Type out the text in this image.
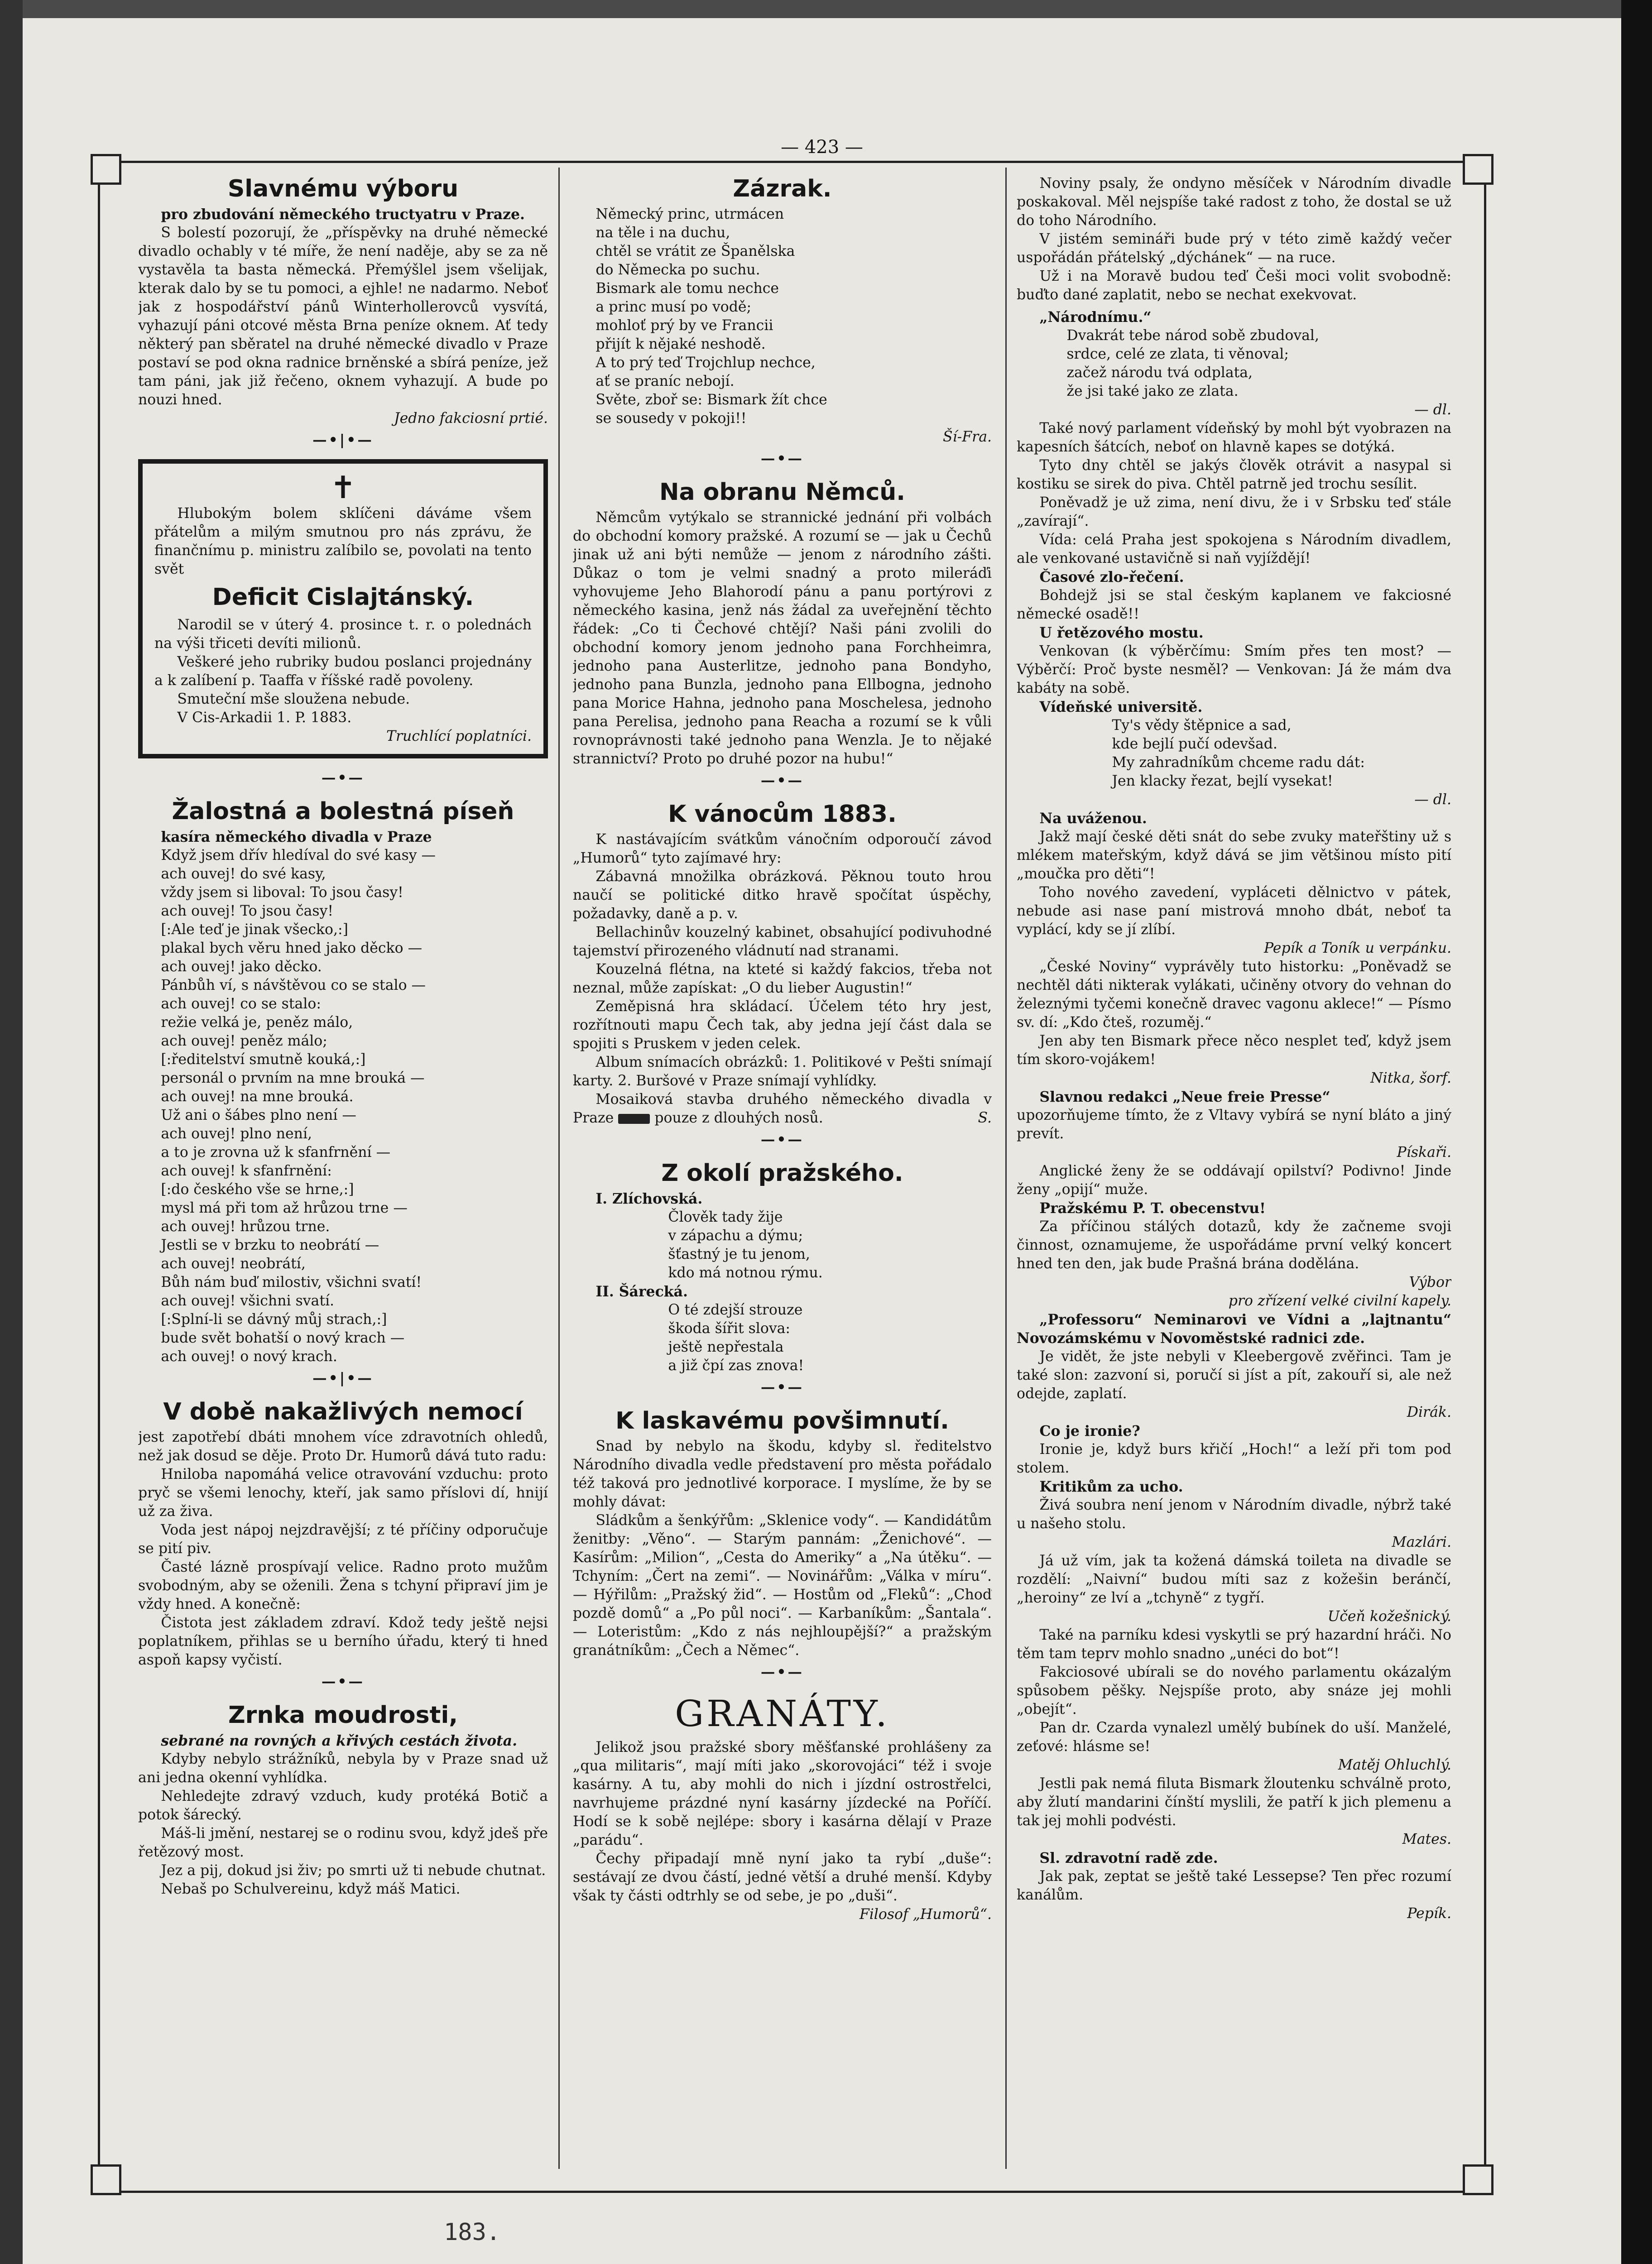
— 423 —
Slavnému výboru

pro zbudování německého tructyatru v Praze.

S bolestí pozorují, že „příspěvky na druhé německé divadlo ochably v té míře, že není naděje, aby se za ně vystavěla ta basta německá. Přemýšlel jsem všelijak, kterak dalo by se tu pomoci, a ejhle! ne nadarmo. Neboť jak z hospodářství pánů Winterhollerovců vysvítá, vyhazují páni otcové města Brna peníze oknem. Ať tedy některý pan sběratel na druhé německé divadlo v Praze postaví se pod okna radnice brněnské a sbírá peníze, jež tam páni, jak již řečeno, oknem vyhazují. A bude po nouzi hned.

Jedno fakciosní prtié.

—•|•—
✝

Hlubokým bolem sklíčeni dáváme všem přátelům a milým smutnou pro nás zprávu, že finančnímu p. ministru zalíbilo se, povolati na tento svět

Deficit Cislajtánský.

Narodil se v úterý 4. prosince t. r. o polednách na výši třiceti devíti milionů.

Veškeré jeho rubriky budou poslanci projednány a k zalíbení p. Taaffa v říšské radě povoleny.

Smuteční mše sloužena nebude.

V Cis-Arkadii 1. P. 1883.

Truchlící poplatníci.

—•—
Žalostná a bolestná píseň

kasíra německého divadla v Praze

Když jsem dřív hledíval do své kasy —

ach ouvej! do své kasy,

vždy jsem si liboval: To jsou časy!

ach ouvej! To jsou časy!

[:Ale teď je jinak všecko,:]

plakal bych věru hned jako děcko —

ach ouvej! jako děcko.

Pánbůh ví, s návštěvou co se stalo —

ach ouvej! co se stalo:

režie velká je, peněz málo,

ach ouvej! peněz málo;

[:ředitelství smutně kouká,:]

personál o prvním na mne brouká —

ach ouvej! na mne brouká.

Už ani o šábes plno není —

ach ouvej! plno není,

a to je zrovna už k sfanfrnění —

ach ouvej! k sfanfrnění:

[:do českého vše se hrne,:]

mysl má při tom až hrůzou trne —

ach ouvej! hrůzou trne.

Jestli se v brzku to neobrátí —

ach ouvej! neobrátí,

Bůh nám buď milostiv, všichni svatí!

ach ouvej! všichni svatí.

[:Splní-li se dávný můj strach,:]

bude svět bohatší o nový krach —

ach ouvej! o nový krach.

—•|•—
V době nakažlivých nemocí

jest zapotřebí dbáti mnohem více zdravotních ohledů, než jak dosud se děje. Proto Dr. Humorů dává tuto radu:

Hniloba napomáhá velice otravování vzduchu: proto pryč se všemi lenochy, kteří, jak samo příslovi dí, hnijí už za živa.

Voda jest nápoj nejzdravější; z té příčiny odporučuje se pití piv.

Časté lázně prospívají velice. Radno proto mužům svobodným, aby se oženili. Žena s tchyní připraví jim je vždy hned. A konečně:

Čistota jest základem zdraví. Kdož tedy ještě nejsi poplatníkem, přihlas se u berního úřadu, který ti hned aspoň kapsy vyčistí.

—•—
Zrnka moudrosti,

sebrané na rovných a křivých cestách života.

Kdyby nebylo strážníků, nebyla by v Praze snad už ani jedna okenní vyhlídka.

Nehledejte zdravý vzduch, kudy protéká Botič a potok šárecký.

Máš-li jmění, nestarej se o rodinu svou, když jdeš pře řetězový most.

Jez a pij, dokud jsi živ; po smrti už ti nebude chutnat.

Nebaš po Schulvereinu, když máš Matici.

Zázrak.

Německý princ, utrmácen

na těle i na duchu,

chtěl se vrátit ze Španělska

do Německa po suchu.

Bismark ale tomu nechce

a princ musí po vodě;

mohloť prý by ve Francii

přijít k nějaké neshodě.

A to prý teď Trojchlup nechce,

ať se praníc nebojí.

Světe, zboř se: Bismark žít chce

se sousedy v pokoji!!

Ší-Fra.

—•—
Na obranu Němců.

Němcům vytýkalo se strannické jednání při volbách do obchodní komory pražské. A rozumí se — jak u Čechů jinak už ani býti nemůže — jenom z národního zášti. Důkaz o tom je velmi snadný a proto mileráďi vyhovujeme Jeho Blahorodí pánu a panu portýrovi z německého kasina, jenž nás žádal za uveřejnění těchto řádek: „Co ti Čechové chtějí? Naši páni zvolili do obchodní komory jenom jednoho pana Forchheimra, jednoho pana Austerlitze, jednoho pana Bondyho, jednoho pana Bunzla, jednoho pana Ellbogna, jednoho pana Morice Hahna, jednoho pana Moschelesa, jednoho pana Perelisa, jednoho pana Reacha a rozumí se k vůli rovnoprávnosti také jednoho pana Wenzla. Je to nějaké strannictví? Proto po druhé pozor na hubu!“

—•—
K vánocům 1883.

K nastávajícím svátkům vánočním odporoučí závod „Humorů“ tyto zajímavé hry:

Zábavná množilka obrázková. Pěknou touto hrou naučí se politické ditko hravě spočítat úspěchy, požadavky, daně a p. v.

Bellachinův kouzelný kabinet, obsahující podivuhodné tajemství přirozeného vládnutí nad stranami.

Kouzelná flétna, na kteté si každý fakcios, třeba not neznal, může zapískat: „O du lieber Augustin!“

Zeměpisná hra skládací. Účelem této hry jest, rozřítnouti mapu Čech tak, aby jedna její část dala se spojiti s Pruskem v jeden celek.

Album snímacích obrázků: 1. Politikové v Pešti snímají karty. 2. Buršové v Praze snímají vyhlídky.

Mosaiková stavba druhého německého divadla v Praze	pouze z dlouhých nosů.	S.

—•—
Z okolí pražského.

I. Zlíchovská.

Člověk tady žije

v zápachu a dýmu;

šťastný je tu jenom,

kdo má notnou rýmu.

II. Šárecká.

O té zdejší strouze

škoda šířit slova:

ještě nepřestala

a již čpí zas znova!

—•—
K laskavému povšimnutí.

Snad by nebylo na škodu, kdyby sl. ředitelstvo Národního divadla vedle představení pro města pořádalo též taková pro jednotlivé korporace. I myslíme, že by se mohly dávat:

Sládkům a šenkýřům: „Sklenice vody“. — Kandidátům ženitby: „Věno“. — Starým pannám: „Ženichové“. — Kasírům: „Milion“, „Cesta do Ameriky“ a „Na útěku“. — Tchyním: „Čert na zemi“. — Novinářům: „Válka v míru“. — Hýřilům: „Pražský žid“. — Hostům od „Fleků“: „Choď pozdě domů“ a „Po půl noci“. — Karbaníkům: „Šantala“. — Loteristům: „Kdo z nás nejhloupější?“ a pražským granátníkům: „Čech a Němec“.

—•—
GRANÁTY.

Jelikož jsou pražské sbory měšťanské prohlášeny za „qua militaris“, mají míti jako „skorovojáci“ též i svoje kasárny. A tu, aby mohli do nich i jízdní ostrostřelci, navrhujeme prázdné nyní kasárny jízdecké na Poříčí. Hodí se k sobě nejlépe: sbory i kasárna dělají v Praze „parádu“.

Čechy připadají mně nyní jako ta rybí „duše“: sestávají ze dvou částí, jedné větší a druhé menší. Kdyby však ty části odtrhly se od sebe, je po „duši“.

Filosof „Humorů“.

Noviny psaly, že ondyno měsíček v Národním divadle poskakoval. Měl nejspíše také radost z toho, že dostal se už do toho Národního.

V jistém semináři bude prý v této zimě každý večer uspořádán přátelský „dýchánek“ — na ruce.

Už i na Moravě budou teď Češi moci volit svobodně: buďto dané zaplatit, nebo se nechat exekvovat.

„Národnímu.“

Dvakrát tebe národ sobě zbudoval,

srdce, celé ze zlata, ti věnoval;

začež národu tvá odplata,

že jsi také jako ze zlata.

— dl.

Také nový parlament vídeňský by mohl být vyobrazen na kapesních šátcích, neboť on hlavně kapes se dotýká.

Tyto dny chtěl se jakýs člověk otrávit a nasypal si kostiku se sirek do piva. Chtěl patrně jed trochu sesílit.

Poněvadž je už zima, není divu, že i v Srbsku teď stále „zavírají“.

Vída: celá Praha jest spokojena s Národním divadlem, ale venkované ustavičně si naň vyjíždějí!

Časové zlo-řečení.

Bohdejž jsi se stal českým kaplanem ve fakciosné německé osadě!!

U řetězového mostu.

Venkovan (k výběrčímu: Smím přes ten most? — Výběrčí: Proč byste nesměl? — Venkovan: Já že mám dva kabáty na sobě.

Vídeňské universitě.

Ty's vědy štěpnice a sad,

kde bejlí pučí odevšad.

My zahradníkům chceme radu dát:

Jen klacky řezat, bejlí vysekat!

— dl.

Na uváženou.

Jakž mají české děti snát do sebe zvuky mateřštiny už s mlékem mateřským, když dává se jim většinou místo pití „moučka pro děti“!

Toho nového zavedení, vypláceti dělnictvo v pátek, nebude asi nase paní mistrová mnoho dbát, neboť ta vyplácí, kdy se jí zlíbí.

Pepík a Toník u verpánku.

„České Noviny“ vyprávěly tuto historku: „Poněvadž se nechtěl dáti nikterak vylákati, učiněny otvory do vehnan do železnými tyčemi konečně dravec vagonu aklece!“ — Písmo sv. dí: „Kdo čteš, rozuměj.“

Jen aby ten Bismark přece něco nesplet teď, když jsem tím skoro-vojákem!

Nitka, šorf.

Slavnou redakci „Neue freie Presse“

upozorňujeme tímto, že z Vltavy vybírá se nyní bláto a jiný prevít.

Pískaři.

Anglické ženy že se oddávají opilství? Podivno! Jinde ženy „opijí“ muže.

Pražskému P. T. obecenstvu!

Za příčinou stálých dotazů, kdy že začneme svoji činnost, oznamujeme, že uspořádáme první velký koncert hned ten den, jak bude Prašná brána dodělána.

Výbor

pro zřízení velké civilní kapely.

„Professoru“ Neminarovi ve Vídni a „lajtnantu“ Novozámskému v Novoměstské radnici zde.

Je vidět, že jste nebyli v Kleebergově zvěřinci. Tam je také slon: zazvoní si, poručí si jíst a pít, zakouří si, ale než odejde, zaplatí.

Dirák.

Co je ironie?

Ironie je, když burs křičí „Hoch!“ a leží při tom pod stolem.

Kritikům za ucho.

Živá soubra není jenom v Národním divadle, nýbrž také u našeho stolu.

Mazlári.

Já už vím, jak ta kožená dámská toileta na divadle se rozdělí: „Naivní“ budou míti saz z kožešin beránčí, „heroiny“ ze lví a „tchyně“ z tygří.

Učeň kožešnický.

Také na parníku kdesi vyskytli se prý hazardní hráči. No těm tam teprv mohlo snadno „unéci do bot“!

Fakciosové ubírali se do nového parlamentu okázalým spůsobem pěšky. Nejspíše proto, aby snáze jej mohli „obejít“.

Pan dr. Czarda vynalezl umělý bubínek do uší. Manželé, zeťové: hlásme se!

Matěj Ohluchlý.

Jestli pak nemá filuta Bismark žloutenku schválně proto, aby žlutí mandarini čínští myslili, že patří k jich plemenu a tak jej mohli podvésti.

Mates.

Sl. zdravotní radě zde.

Jak pak, zeptat se ještě také Lessepse? Ten přec rozumí kanálům.

Pepík.

183.
